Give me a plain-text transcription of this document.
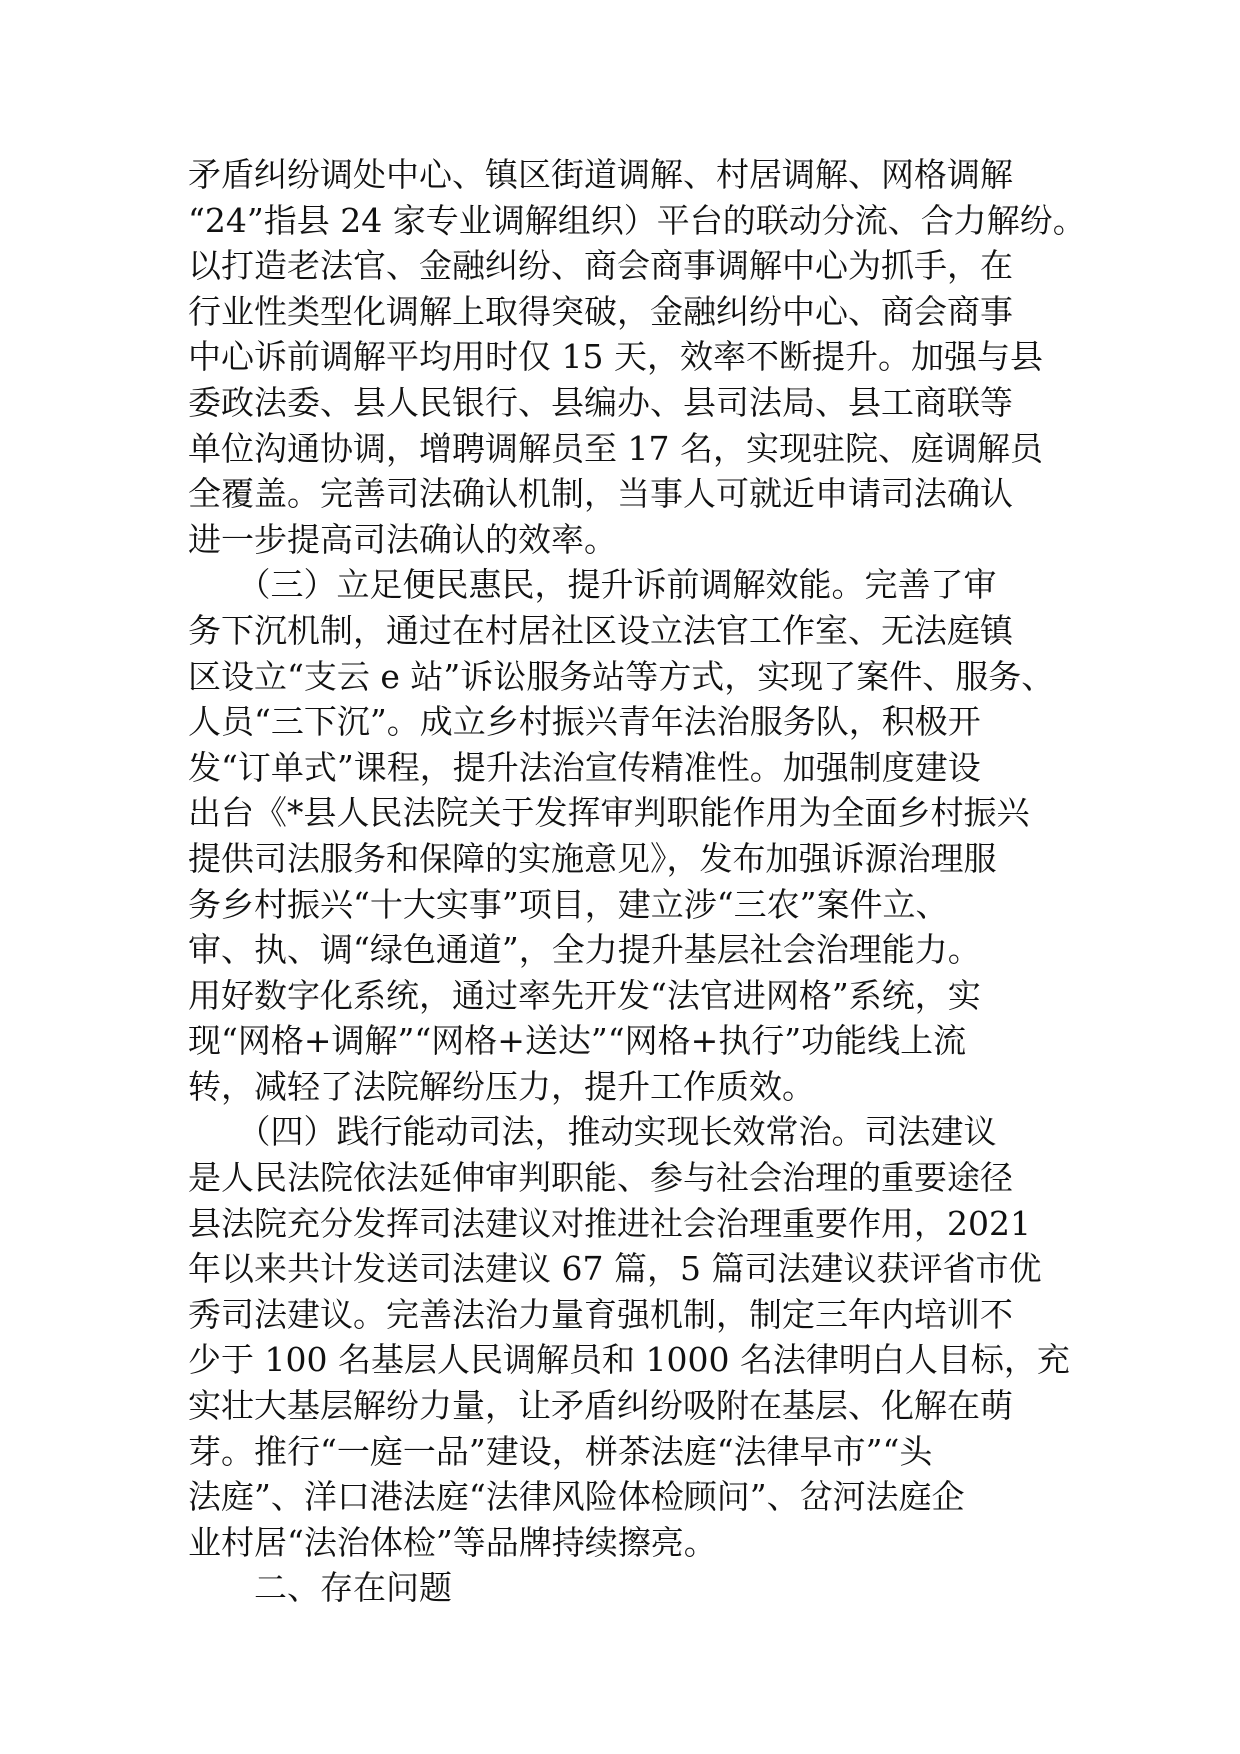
矛盾纠纷调处中心、镇区街道调解、村居调解、网格调解
“24”指县 24 家专业调解组织）平台的联动分流、合力解纷。
以打造老法官、金融纠纷、商会商事调解中心为抓手，在
行业性类型化调解上取得突破，金融纠纷中心、商会商事
中心诉前调解平均用时仅 15 天，效率不断提升。加强与县
委政法委、县人民银行、县编办、县司法局、县工商联等
单位沟通协调，增聘调解员至 17 名，实现驻院、庭调解员
全覆盖。完善司法确认机制，当事人可就近申请司法确认
进一步提高司法确认的效率。
　　（三）立足便民惠民，提升诉前调解效能。完善了审
务下沉机制，通过在村居社区设立法官工作室、无法庭镇
区设立“支云 e 站”诉讼服务站等方式，实现了案件、服务、
人员“三下沉”。成立乡村振兴青年法治服务队，积极开
发“订单式”课程，提升法治宣传精准性。加强制度建设
出台《*县人民法院关于发挥审判职能作用为全面乡村振兴
提供司法服务和保障的实施意见》，发布加强诉源治理服
务乡村振兴“十大实事”项目，建立涉“三农”案件立、
审、执、调“绿色通道”，全力提升基层社会治理能力。
用好数字化系统，通过率先开发“法官进网格”系统，实
现“网格+调解”“网格+送达”“网格+执行”功能线上流
转，减轻了法院解纷压力，提升工作质效。
　　（四）践行能动司法，推动实现长效常治。司法建议
是人民法院依法延伸审判职能、参与社会治理的重要途径
县法院充分发挥司法建议对推进社会治理重要作用，2021
年以来共计发送司法建议 67 篇，5 篇司法建议获评省市优
秀司法建议。完善法治力量育强机制，制定三年内培训不
少于 100 名基层人民调解员和 1000 名法律明白人目标，充
实壮大基层解纷力量，让矛盾纠纷吸附在基层、化解在萌
芽。推行“一庭一品”建设，栟茶法庭“法律早市”“头
法庭”、洋口港法庭“法律风险体检顾问”、岔河法庭企
业村居“法治体检”等品牌持续擦亮。
　　二、存在问题
